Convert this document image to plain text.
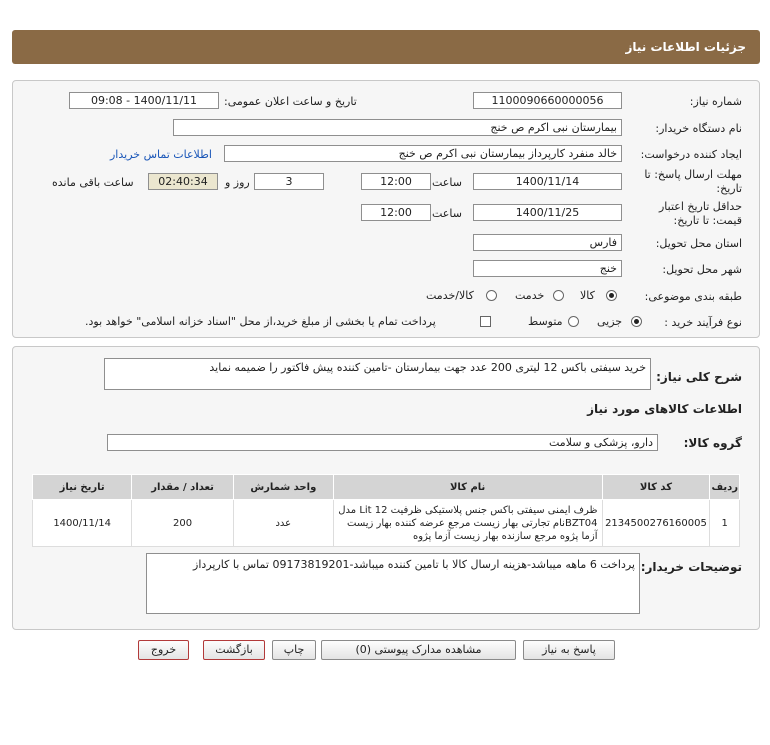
جزئیات اطلاعات نیاز
شماره نیاز:
1100090660000056
تاریخ و ساعت اعلان عمومی:
1400/11/11 - 09:08
نام دستگاه خریدار:
بیمارستان نبی اکرم ص خنج
ایجاد کننده درخواست:
خالد منفرد کارپرداز بیمارستان نبی اکرم ص خنج
اطلاعات تماس خریدار
مهلت ارسال پاسخ: تا
تاریخ:
1400/11/14
ساعت
12:00
3
روز و
02:40:34
ساعت باقی مانده
حداقل تاریخ اعتبار
قیمت: تا تاریخ:
1400/11/25
ساعت
12:00
استان محل تحویل:
فارس
شهر محل تحویل:
خنج
طبقه بندی موضوعی:
کالا
خدمت
کالا/خدمت
نوع فرآیند خرید :
جزیی
متوسط
پرداخت تمام یا بخشی از مبلغ خرید،از محل "اسناد خزانه اسلامی" خواهد بود.
شرح کلی نیاز:
خرید سیفتی باکس 12 لیتری 200 عدد جهت بیمارستان -تامین کننده پیش فاکتور را ضمیمه نماید
اطلاعات کالاهای مورد نیاز
گروه کالا:
دارو، پزشکی و سلامت
ردیف	کد کالا	نام کالا	واحد شمارش	تعداد / مقدار	تاریخ نیاز
1	2134500276160005	ظرف ایمنی سیفتی باکس جنس پلاستیکی ظرفیت Lit 12 مدل BZT04نام تجارتی بهار زیست مرجع عرضه کننده بهار زیست آزما پژوه مرجع سازنده بهار زیست آزما پژوه	عدد	200	1400/11/14
توضیحات خریدار:
پرداخت 6 ماهه میباشد-هزینه ارسال کالا با تامین کننده میباشد-09173819201 تماس با کارپرداز
پاسخ به نیاز
مشاهده مدارک پیوستی (0)
چاپ
بازگشت
خروج
